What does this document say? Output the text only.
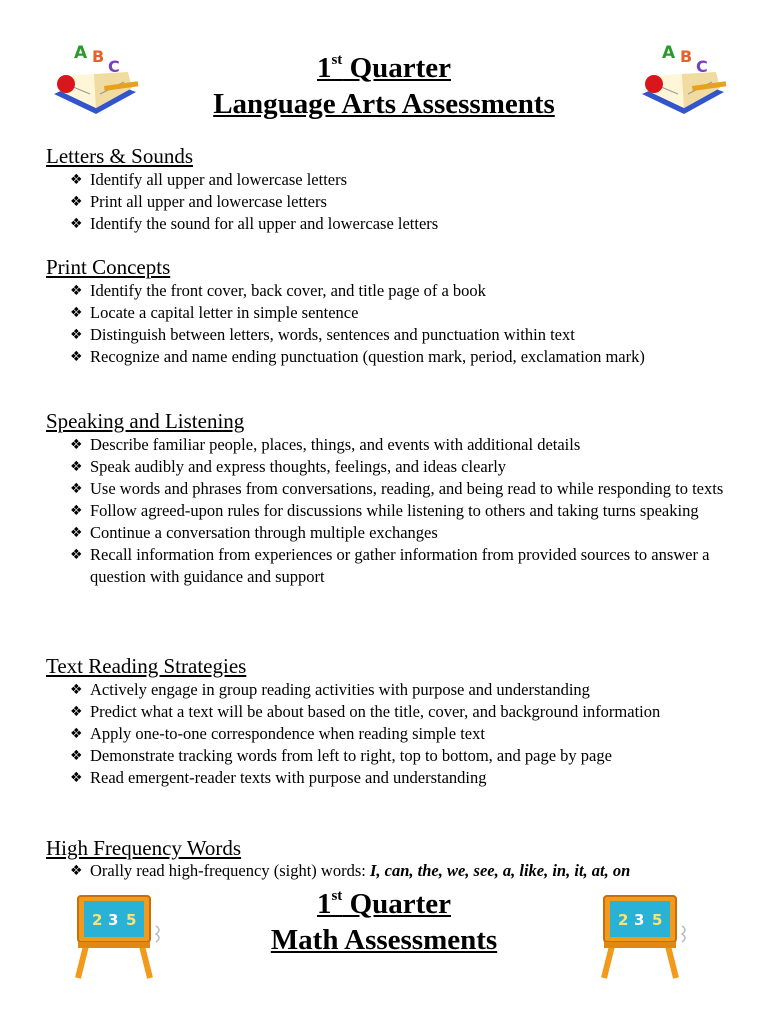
A B
C
A B
C
1st Quarter
Language Arts Assessments
Letters & Sounds
❖ Identify all upper and lowercase letters
❖ Print all upper and lowercase letters
❖ Identify the sound for all upper and lowercase letters
Print Concepts
❖ Identify the front cover, back cover, and title page of a book
❖ Locate a capital letter in simple sentence
❖ Distinguish between letters, words, sentences and punctuation within text
❖ Recognize and name ending punctuation (question mark, period, exclamation mark)
Speaking and Listening
❖ Describe familiar people, places, things, and events with additional details
❖ Speak audibly and express thoughts, feelings, and ideas clearly
❖ Use words and phrases from conversations, reading, and being read to while responding to texts
❖ Follow agreed-upon rules for discussions while listening to others and taking turns speaking
❖ Continue a conversation through multiple exchanges
❖ Recall information from experiences or gather information from provided sources to answer a question with guidance and support
Text Reading Strategies
❖ Actively engage in group reading activities with purpose and understanding
❖ Predict what a text will be about based on the title, cover, and background information
❖ Apply one-to-one correspondence when reading simple text
❖ Demonstrate tracking words from left to right, top to bottom, and page by page
❖ Read emergent-reader texts with purpose and understanding
High Frequency Words
❖ Orally read high-frequency (sight) words: I, can, the, we, see, a, like, in, it, at, on
2 3 5	2 3 5
1st Quarter
Math Assessments
